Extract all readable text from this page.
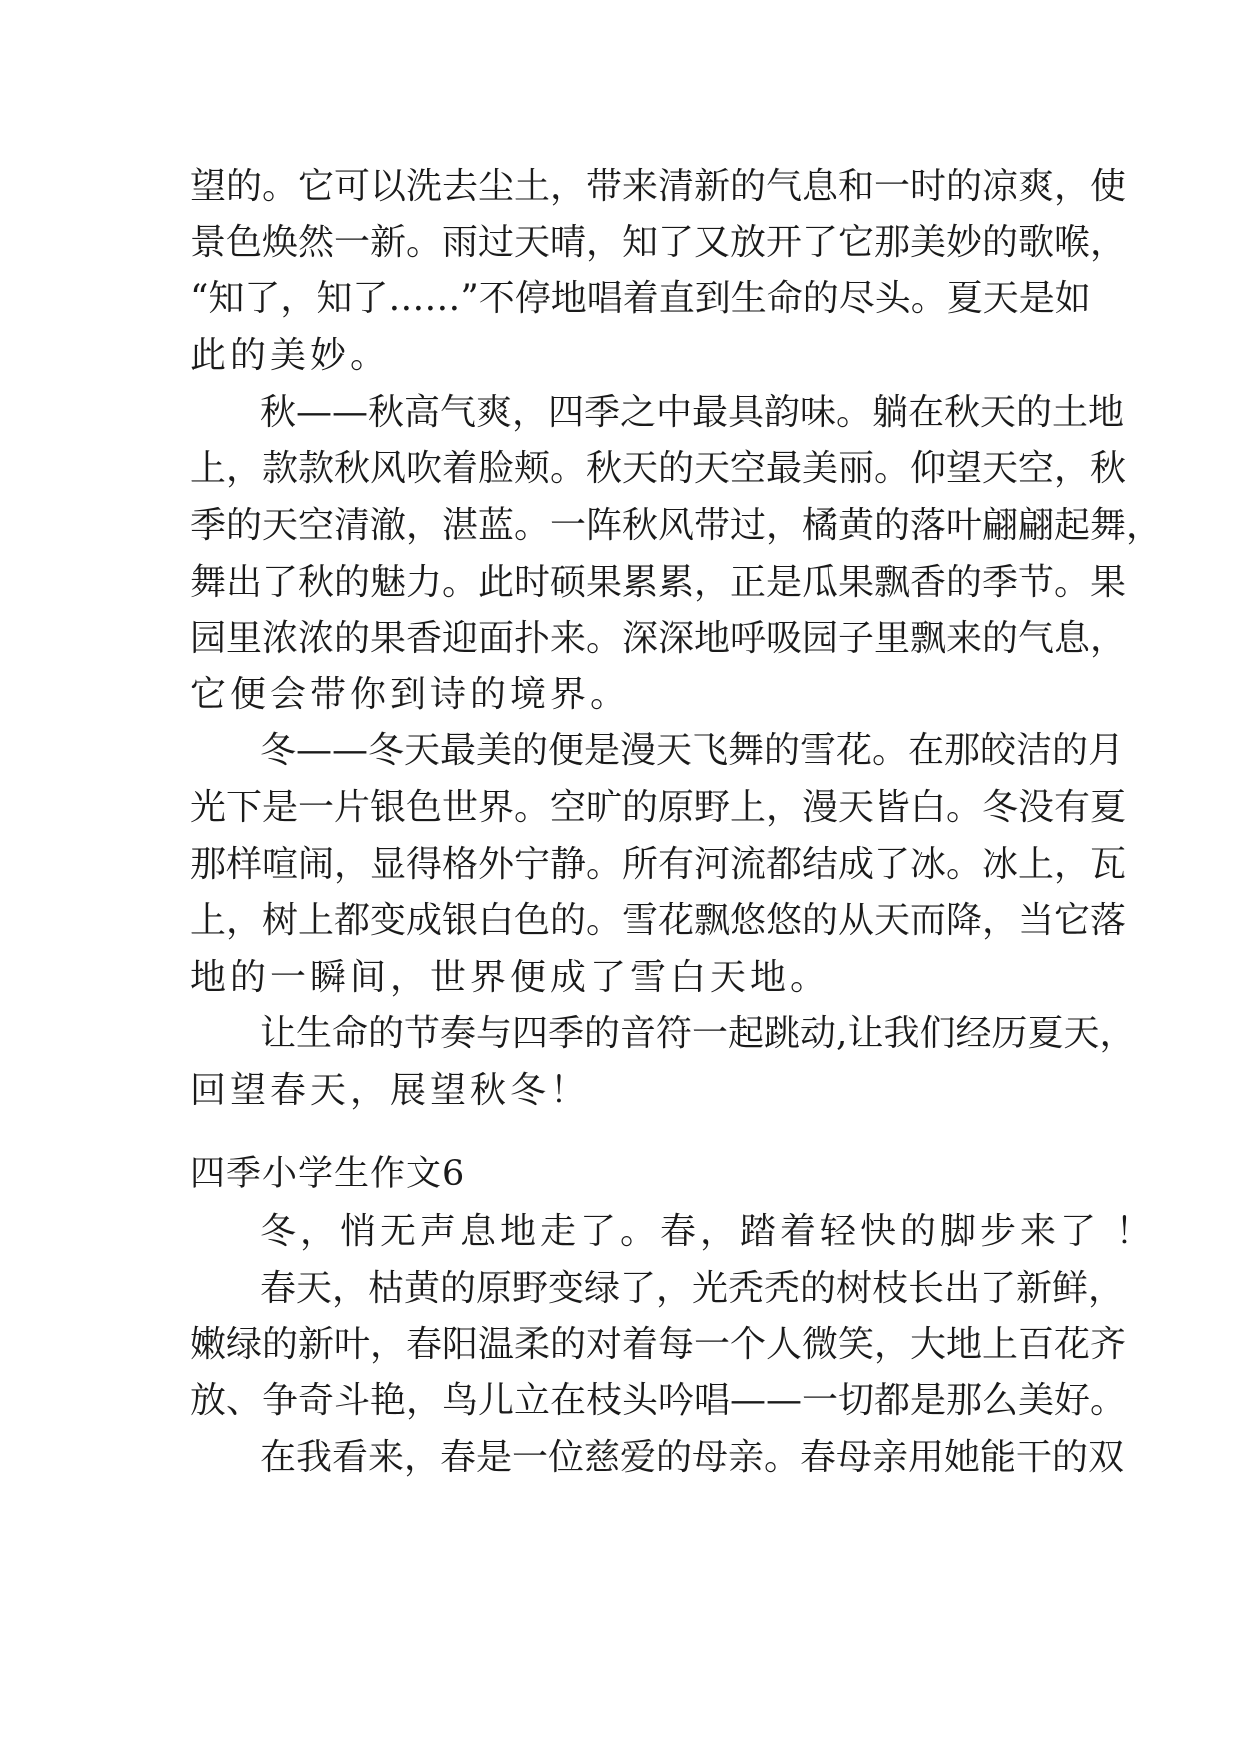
望的。它可以洗去尘土，带来清新的气息和一时的凉爽，使
景色焕然一新。雨过天晴，知了又放开了它那美妙的歌喉，
“知了，知了……”不停地唱着直到生命的尽头。夏天是如
此的美妙。
秋——秋高气爽，四季之中最具韵味。躺在秋天的土地
上，款款秋风吹着脸颊。秋天的天空最美丽。仰望天空，秋
季的天空清澈，湛蓝。一阵秋风带过，橘黄的落叶翩翩起舞，
舞出了秋的魅力。此时硕果累累，正是瓜果飘香的季节。果
园里浓浓的果香迎面扑来。深深地呼吸园子里飘来的气息，
它便会带你到诗的境界。
冬——冬天最美的便是漫天飞舞的雪花。在那皎洁的月
光下是一片银色世界。空旷的原野上，漫天皆白。冬没有夏
那样喧闹，显得格外宁静。所有河流都结成了冰。冰上，瓦
上，树上都变成银白色的。雪花飘悠悠的从天而降，当它落
地的一瞬间，世界便成了雪白天地。
让生命的节奏与四季的音符一起跳动,让我们经历夏天，
回望春天，展望秋冬！
四季小学生作文6
冬，悄无声息地走了。春，踏着轻快的脚步来了 ！
春天，枯黄的原野变绿了，光秃秃的树枝长出了新鲜，
嫩绿的新叶，春阳温柔的对着每一个人微笑，大地上百花齐
放、争奇斗艳，鸟儿立在枝头吟唱——一切都是那么美好。
在我看来，春是一位慈爱的母亲。春母亲用她能干的双
